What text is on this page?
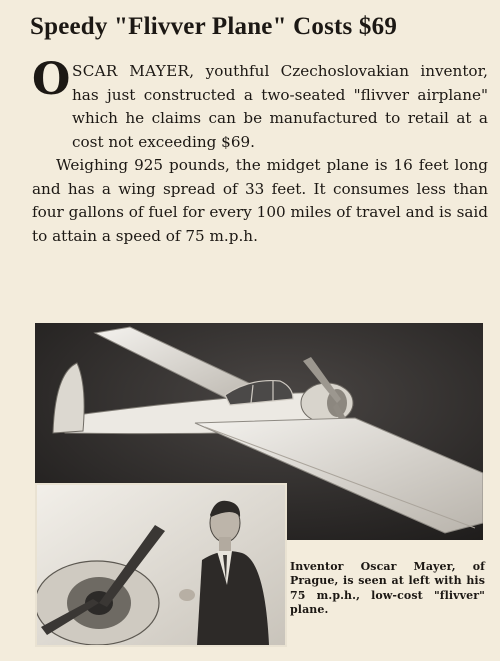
Speedy "Flivver Plane" Costs $69

O SCAR MAYER, youthful Czechoslovakian inventor, has just constructed a two-seated "flivver airplane" which he claims can be manufactured to retail at a cost not exceeding $69.

Weighing 925 pounds, the midget plane is 16 feet long and has a wing spread of 33 feet. It consumes less than four gallons of fuel for every 100 miles of travel and is said to attain a speed of 75 m.p.h.

Inventor Oscar Mayer, of Prague, is seen at left with his 75 m.p.h., low-cost "flivver" plane.
